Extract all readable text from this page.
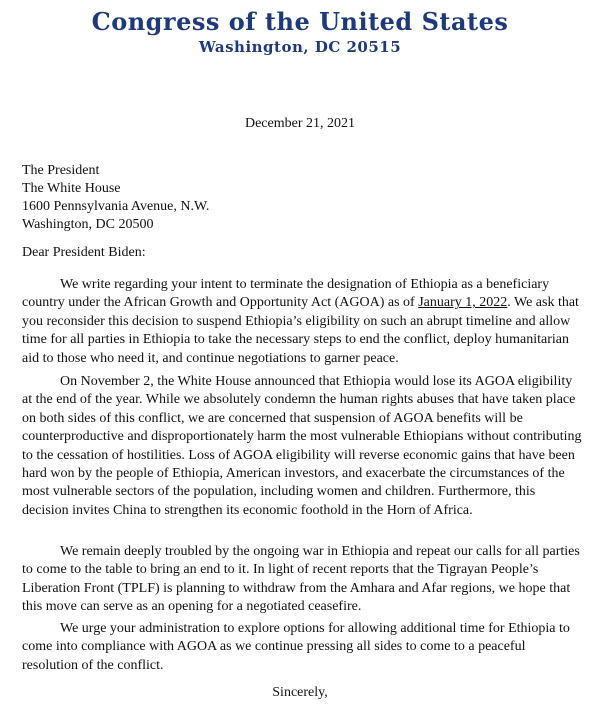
Congress of the United States
Washington, DC 20515
December 21, 2021
The President
The White House
1600 Pennsylvania Avenue, N.W.
Washington, DC 20500
Dear President Biden:
We write regarding your intent to terminate the designation of Ethiopia as a beneficiary country under the African Growth and Opportunity Act (AGOA) as of January 1, 2022. We ask that you reconsider this decision to suspend Ethiopia’s eligibility on such an abrupt timeline and allow time for all parties in Ethiopia to take the necessary steps to end the conflict, deploy humanitarian aid to those who need it, and continue negotiations to garner peace.
On November 2, the White House announced that Ethiopia would lose its AGOA eligibility at the end of the year. While we absolutely condemn the human rights abuses that have taken place on both sides of this conflict, we are concerned that suspension of AGOA benefits will be counterproductive and disproportionately harm the most vulnerable Ethiopians without contributing to the cessation of hostilities. Loss of AGOA eligibility will reverse economic gains that have been hard won by the people of Ethiopia, American investors, and exacerbate the circumstances of the most vulnerable sectors of the population, including women and children. Furthermore, this decision invites China to strengthen its economic foothold in the Horn of Africa.
We remain deeply troubled by the ongoing war in Ethiopia and repeat our calls for all parties to come to the table to bring an end to it. In light of recent reports that the Tigrayan People’s Liberation Front (TPLF) is planning to withdraw from the Amhara and Afar regions, we hope that this move can serve as an opening for a negotiated ceasefire.
We urge your administration to explore options for allowing additional time for Ethiopia to come into compliance with AGOA as we continue pressing all sides to come to a peaceful resolution of the conflict.
Sincerely,
